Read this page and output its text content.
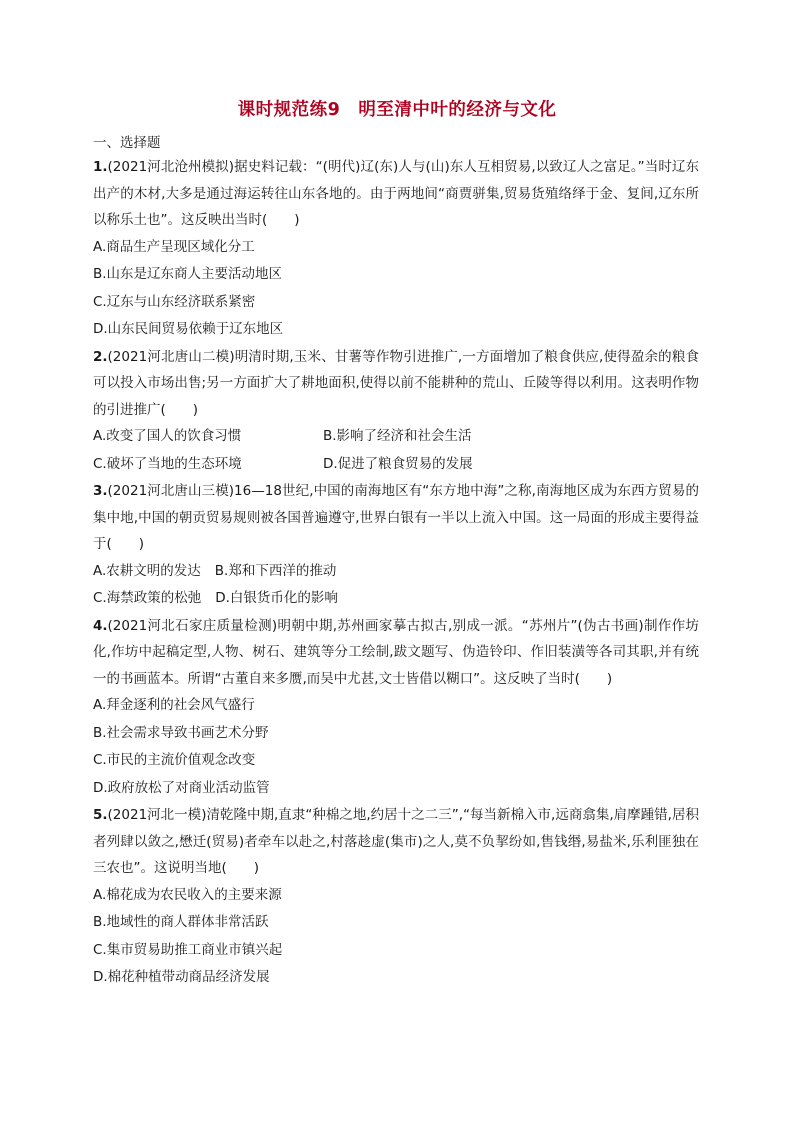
课时规范练9　明至清中叶的经济与文化
一、选择题

1.(2021河北沧州模拟)据史料记载：“(明代)辽(东)人与(山)东人互相贸易,以致辽人之富足。”当时辽东出产的木材,大多是通过海运转往山东各地的。由于两地间“商贾骈集,贸易货殖络绎于金、复间,辽东所以称乐土也”。这反映出当时(　　)

A.商品生产呈现区域化分工

B.山东是辽东商人主要活动地区

C.辽东与山东经济联系紧密

D.山东民间贸易依赖于辽东地区

2.(2021河北唐山二模)明清时期,玉米、甘薯等作物引进推广,一方面增加了粮食供应,使得盈余的粮食可以投入市场出售;另一方面扩大了耕地面积,使得以前不能耕种的荒山、丘陵等得以利用。这表明作物的引进推广(　　)

A.改变了国人的饮食习惯	B.影响了经济和社会生活
C.破坏了当地的生态环境	D.促进了粮食贸易的发展

3.(2021河北唐山三模)16—18世纪,中国的南海地区有“东方地中海”之称,南海地区成为东西方贸易的集中地,中国的朝贡贸易规则被各国普遍遵守,世界白银有一半以上流入中国。这一局面的形成主要得益于(　　)

A.农耕文明的发达 B.郑和下西洋的推动
C.海禁政策的松弛 D.白银货币化的影响

4.(2021河北石家庄质量检测)明朝中期,苏州画家摹古拟古,别成一派。“苏州片”(伪古书画)制作作坊化,作坊中起稿定型,人物、树石、建筑等分工绘制,跋文题写、伪造铃印、作旧装潢等各司其职,并有统一的书画蓝本。所谓“古董自来多赝,而吴中尤甚,文士皆借以糊口”。这反映了当时(　　)

A.拜金逐利的社会风气盛行

B.社会需求导致书画艺术分野

C.市民的主流价值观念改变

D.政府放松了对商业活动监管

5.(2021河北一模)清乾隆中期,直隶“种棉之地,约居十之二三”,“每当新棉入市,远商翕集,肩摩踵错,居积者列肆以敛之,懋迁(贸易)者牵车以赴之,村落趁虚(集市)之人,莫不负挈纷如,售钱缗,易盐米,乐利匪独在三农也”。这说明当地(　　)

A.棉花成为农民收入的主要来源

B.地域性的商人群体非常活跃

C.集市贸易助推工商业市镇兴起

D.棉花种植带动商品经济发展
